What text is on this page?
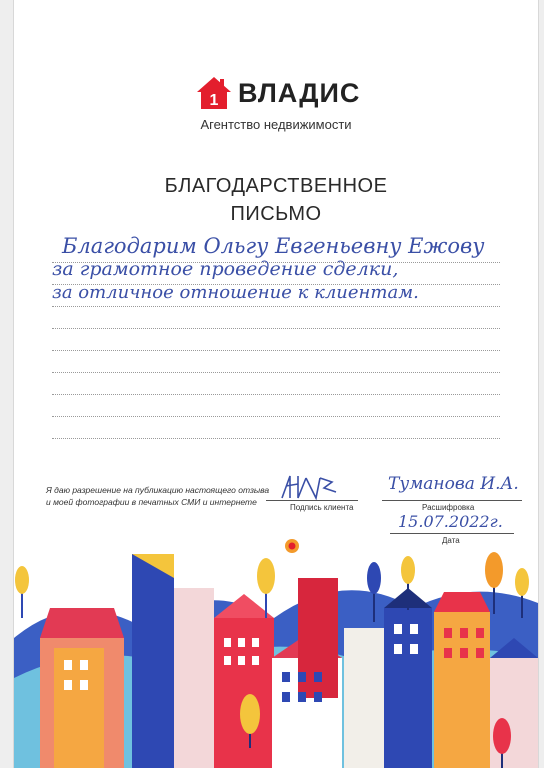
1 ВЛАДИС
Агентство недвижимости
БЛАГОДАРСТВЕННОЕ
ПИСЬМО
Благодарим Ольгу Евгеньевну Ежову
за грамотное проведение сделки,
за отличное отношение к клиентам.
Я даю разрешение на публикацию настоящего отзыва и моей фотографии в печатных СМИ и интернете
Подпись клиента
Туманова И.А.
Расшифровка
15.07.2022г.
Дата
